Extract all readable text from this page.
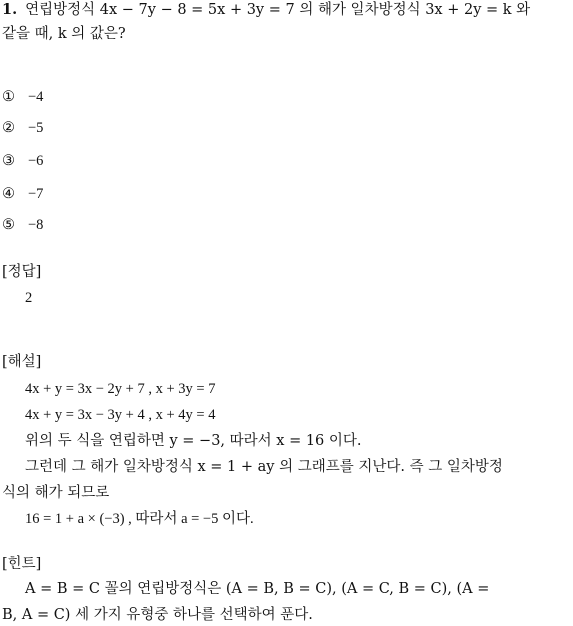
1. 연립방정식 4x − 7y − 8 = 5x + 3y = 7 의 해가 일차방정식 3x + 2y = k 와
같을 때, k 의 값은?
① −4
② −5
③ −6
④ −7
⑤ −8
[정답]
2
[해설]
4x + y = 3x − 2y + 7 , x + 3y = 7
4x + y = 3x − 3y + 4 , x + 4y = 4
위의 두 식을 연립하면 y = −3, 따라서 x = 16 이다.
그런데 그 해가 일차방정식 x = 1 + ay 의 그래프를 지난다. 즉 그 일차방정
식의 해가 되므로
16 = 1 + a × (−3) , 따라서 a = −5 이다.
[힌트]
A = B = C 꼴의 연립방정식은 (A = B, B = C), (A = C, B = C), (A =
B, A = C) 세 가지 유형중 하나를 선택하여 푼다.
